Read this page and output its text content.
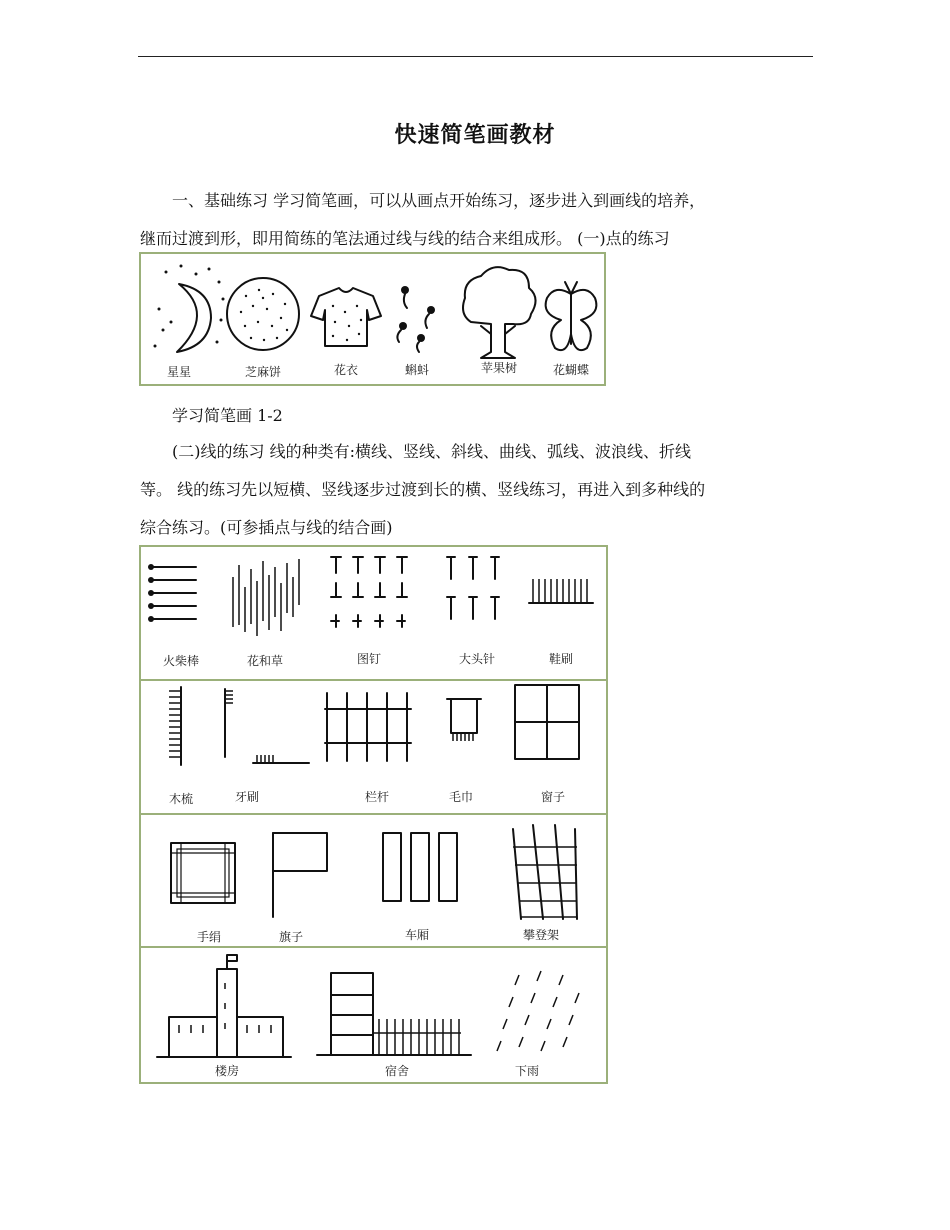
快速简笔画教材
一、基础练习 学习简笔画，可以从画点开始练习，逐步进入到画线的培养，
继而过渡到形，即用简练的笔法通过线与线的结合来组成形。 (一)点的练习
星星	芝麻饼	花衣	蝌蚪	苹果树	花蝴蝶
学习简笔画 1-2
(二)线的练习 线的种类有:横线、竖线、斜线、曲线、弧线、波浪线、折线
等。 线的练习先以短横、竖线逐步过渡到长的横、竖线练习，再进入到多种线的
综合练习。(可参插点与线的结合画)
火柴棒	花和草	图钉	大头针	鞋刷
木梳	牙刷	栏杆	毛巾	窗子
手绢	旗子	车厢	攀登架
楼房	宿舍	下雨
